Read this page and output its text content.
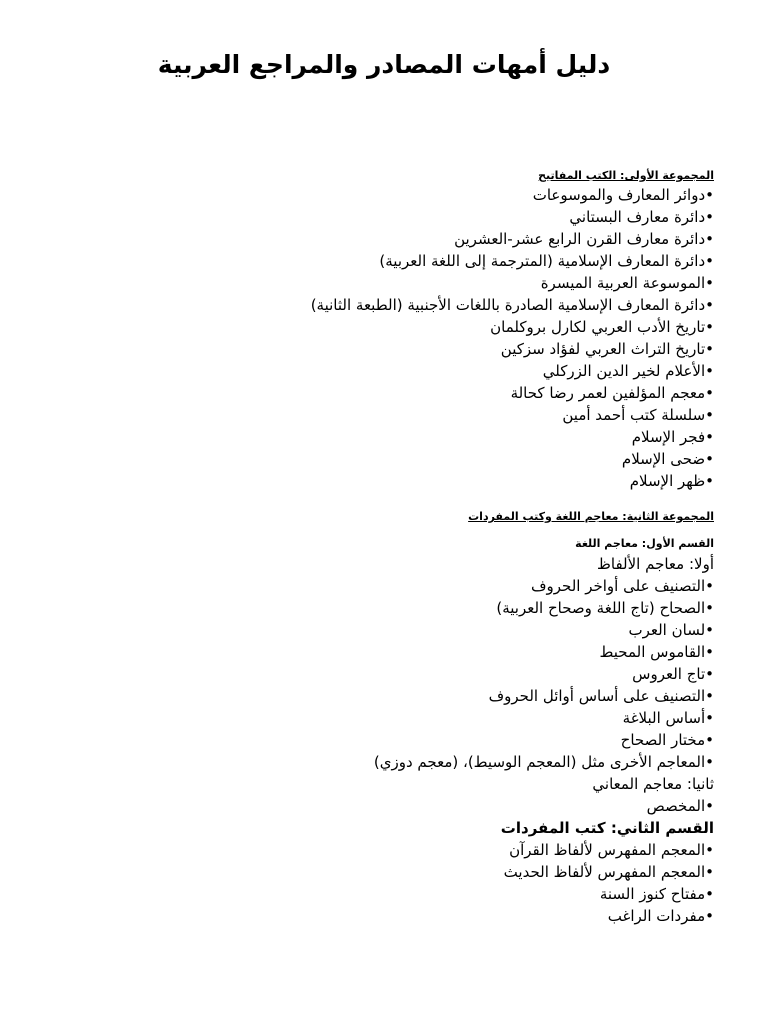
دليل أمهات المصادر والمراجع العربية

المجموعة الأولى: الكتب المفاتيح

•دوائر المعارف والموسوعات
•دائرة معارف البستاني
•دائرة معارف القرن الرابع عشر-العشرين
•دائرة المعارف الإسلامية (المترجمة إلى اللغة العربية)
•الموسوعة العربية الميسرة
•دائرة المعارف الإسلامية الصادرة باللغات الأجنبية (الطبعة الثانية)
•تاريخ الأدب العربي لكارل بروكلمان
•تاريخ التراث العربي لفؤاد سزكين
•الأعلام لخير الدين الزركلي
•معجم المؤلفين لعمر رضا كحالة
•سلسلة كتب أحمد أمين
•فجر الإسلام
•ضحى الإسلام
•ظهر الإسلام

المجموعة الثانية: معاجم اللغة وكتب المفردات

القسم الأول: معاجم اللغة

أولا: معاجم الألفاظ

•التصنيف على أواخر الحروف
•الصحاح (تاج اللغة وصحاح العربية)
•لسان العرب
•القاموس المحيط
•تاج العروس
•التصنيف على أساس أوائل الحروف
•أساس البلاغة
•مختار الصحاح
•المعاجم الأخرى مثل (المعجم الوسيط)، (معجم دوزي)

ثانيا: معاجم المعاني

•المخصص

القسم الثاني: كتب المفردات

•المعجم المفهرس لألفاظ القرآن
•المعجم المفهرس لألفاظ الحديث
•مفتاح كنوز السنة
•مفردات الراغب
